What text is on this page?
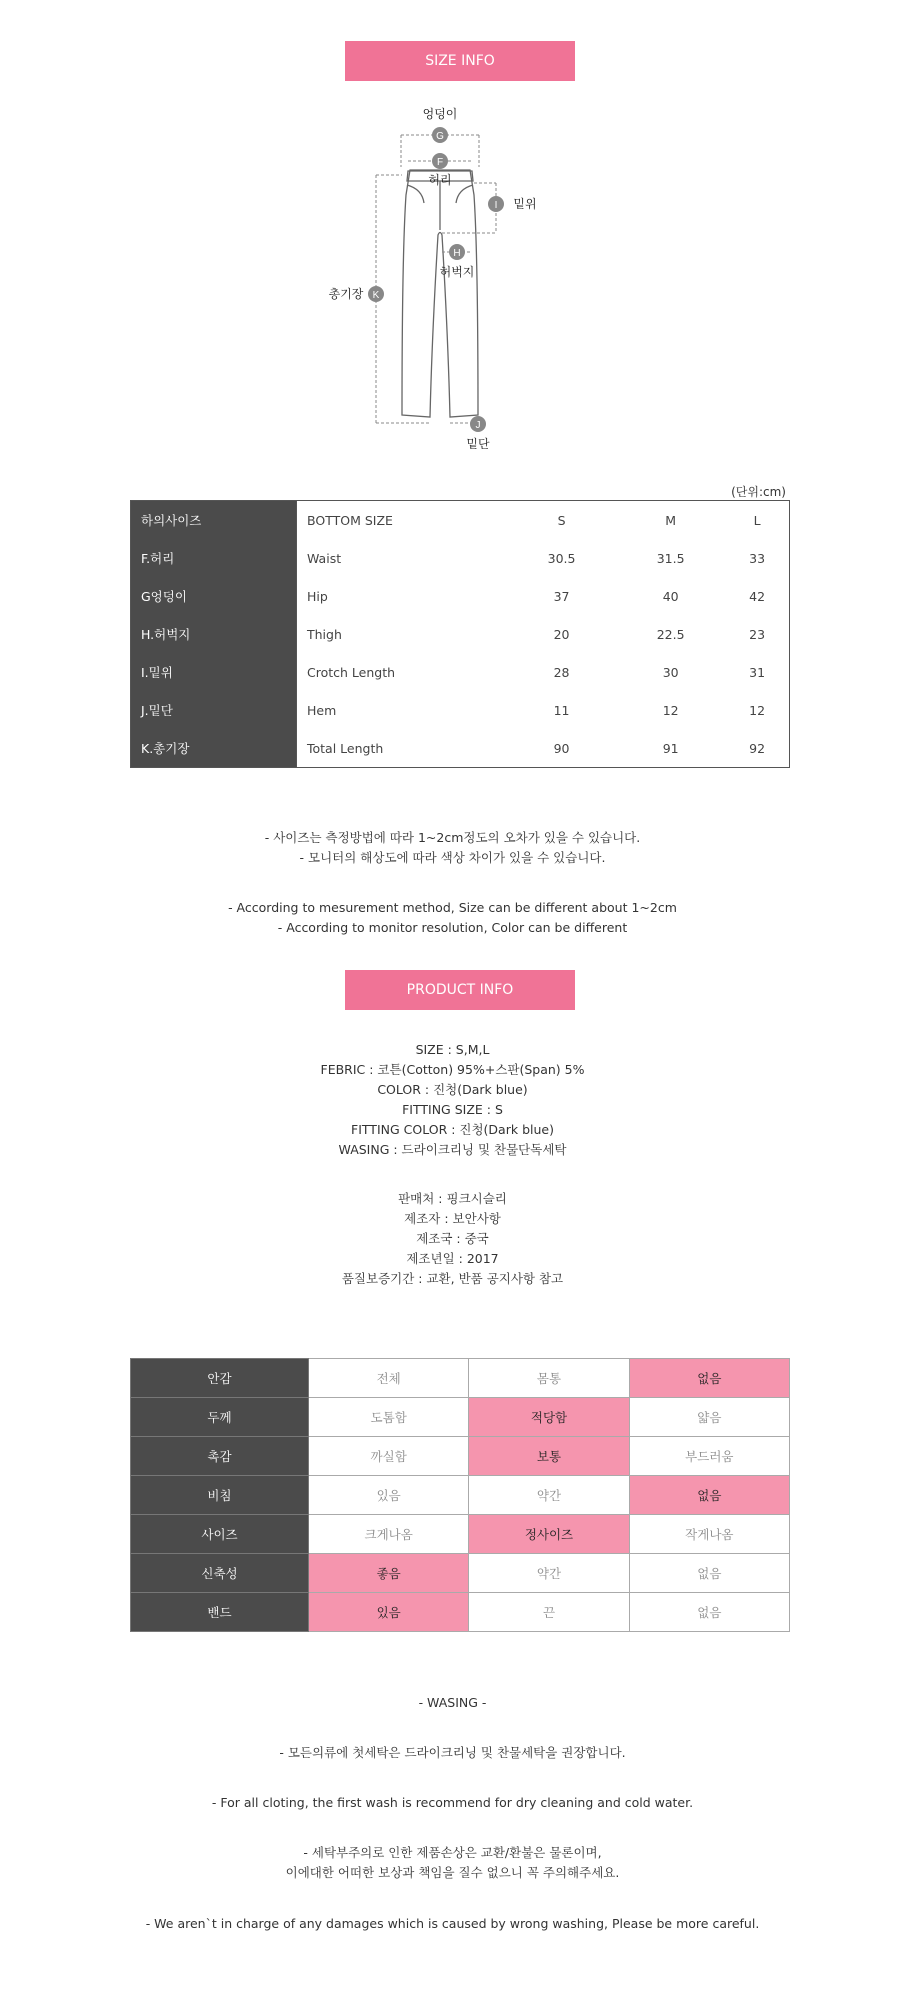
SIZE INFO
엉덩이
G
F
허리
I 밑위
H
허벅지
K
총기장
J
밑단
(단위:cm)
하의사이즈	BOTTOM SIZE	S	M	L
F.허리	Waist	30.5	31.5	33
G엉덩이	Hip	37	40	42
H.허벅지	Thigh	20	22.5	23
I.밑위	Crotch Length	28	30	31
J.밑단	Hem	11	12	12
K.총기장	Total Length	90	91	92
- 사이즈는 측정방법에 따라 1~2cm정도의 오차가 있을 수 있습니다.
- 모니터의 해상도에 따라 색상 차이가 있을 수 있습니다.
- According to mesurement method, Size can be different about 1~2cm
- According to monitor resolution, Color can be different
PRODUCT INFO
SIZE : S,M,L
FEBRIC : 코튼(Cotton) 95%+스판(Span) 5%
COLOR : 진청(Dark blue)
FITTING SIZE : S
FITTING COLOR : 진청(Dark blue)
WASING : 드라이크리닝 및 찬물단독세탁
판매처 : 핑크시슬리
제조자 : 보안사항
제조국 : 중국
제조년일 : 2017
품질보증기간 : 교환, 반품 공지사항 참고
안감	전체	몸통	없음
두께	도톰함	적당함	얇음
촉감	까실함	보통	부드러움
비침	있음	약간	없음
사이즈	크게나옴	정사이즈	작게나옴
신축성	좋음	약간	없음
밴드	있음	끈	없음
- WASING -
- 모든의류에 첫세탁은 드라이크리닝 및 찬물세탁을 권장합니다.
- For all cloting, the first wash is recommend for dry cleaning and cold water.
- 세탁부주의로 인한 제품손상은 교환/환불은 물론이며,
이에대한 어떠한 보상과 책임을 질수 없으니 꼭 주의해주세요.
- We aren`t in charge of any damages which is caused by wrong washing, Please be more careful.
